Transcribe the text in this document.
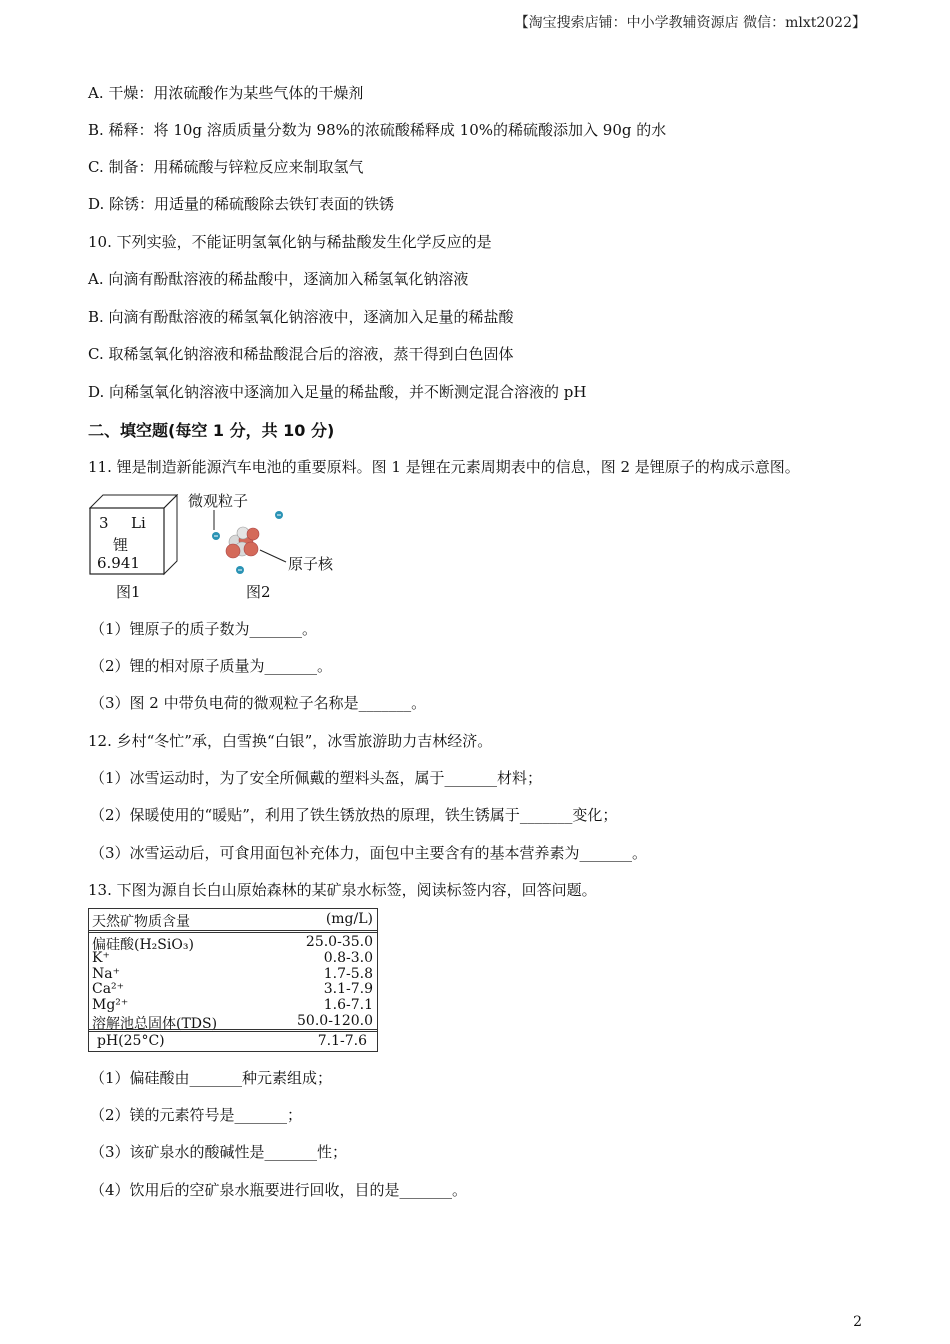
【淘宝搜索店铺：中小学教辅资源店 微信：mlxt2022】
A. 干燥：用浓硫酸作为某些气体的干燥剂
B. 稀释：将 10g 溶质质量分数为 98%的浓硫酸稀释成 10%的稀硫酸添加入 90g 的水
C. 制备：用稀硫酸与锌粒反应来制取氢气
D. 除锈：用适量的稀硫酸除去铁钉表面的铁锈
10. 下列实验，不能证明氢氧化钠与稀盐酸发生化学反应的是
A. 向滴有酚酞溶液的稀盐酸中，逐滴加入稀氢氧化钠溶液
B. 向滴有酚酞溶液的稀氢氧化钠溶液中，逐滴加入足量的稀盐酸
C. 取稀氢氧化钠溶液和稀盐酸混合后的溶液，蒸干得到白色固体
D. 向稀氢氧化钠溶液中逐滴加入足量的稀盐酸，并不断测定混合溶液的 pH
二、填空题(每空 1 分，共 10 分)
11. 锂是制造新能源汽车电池的重要原料。图 1 是锂在元素周期表中的信息，图 2 是锂原子的构成示意图。
3 Li
锂
6.941
图1
微观粒子
原子核
图2
（1）锂原子的质子数为_______。
（2）锂的相对原子质量为_______。
（3）图 2 中带负电荷的微观粒子名称是_______。
12. 乡村“冬忙”承，白雪换“白银”，冰雪旅游助力吉林经济。
（1）冰雪运动时，为了安全所佩戴的塑料头盔，属于_______材料；
（2）保暖使用的“暖贴”，利用了铁生锈放热的原理，铁生锈属于_______变化；
（3）冰雪运动后，可食用面包补充体力，面包中主要含有的基本营养素为_______。
13. 下图为源自长白山原始森林的某矿泉水标签，阅读标签内容，回答问题。
天然矿物质含量	(mg/L)
偏硅酸(H₂SiO₃)	25.0-35.0
K⁺	0.8-3.0
Na⁺	1.7-5.8
Ca²⁺	3.1-7.9
Mg²⁺	1.6-7.1
溶解池总固体(TDS)	50.0-120.0
pH(25°C)	7.1-7.6
（1）偏硅酸由_______种元素组成；
（2）镁的元素符号是_______；
（3）该矿泉水的酸碱性是_______性；
（4）饮用后的空矿泉水瓶要进行回收，目的是_______。
2
